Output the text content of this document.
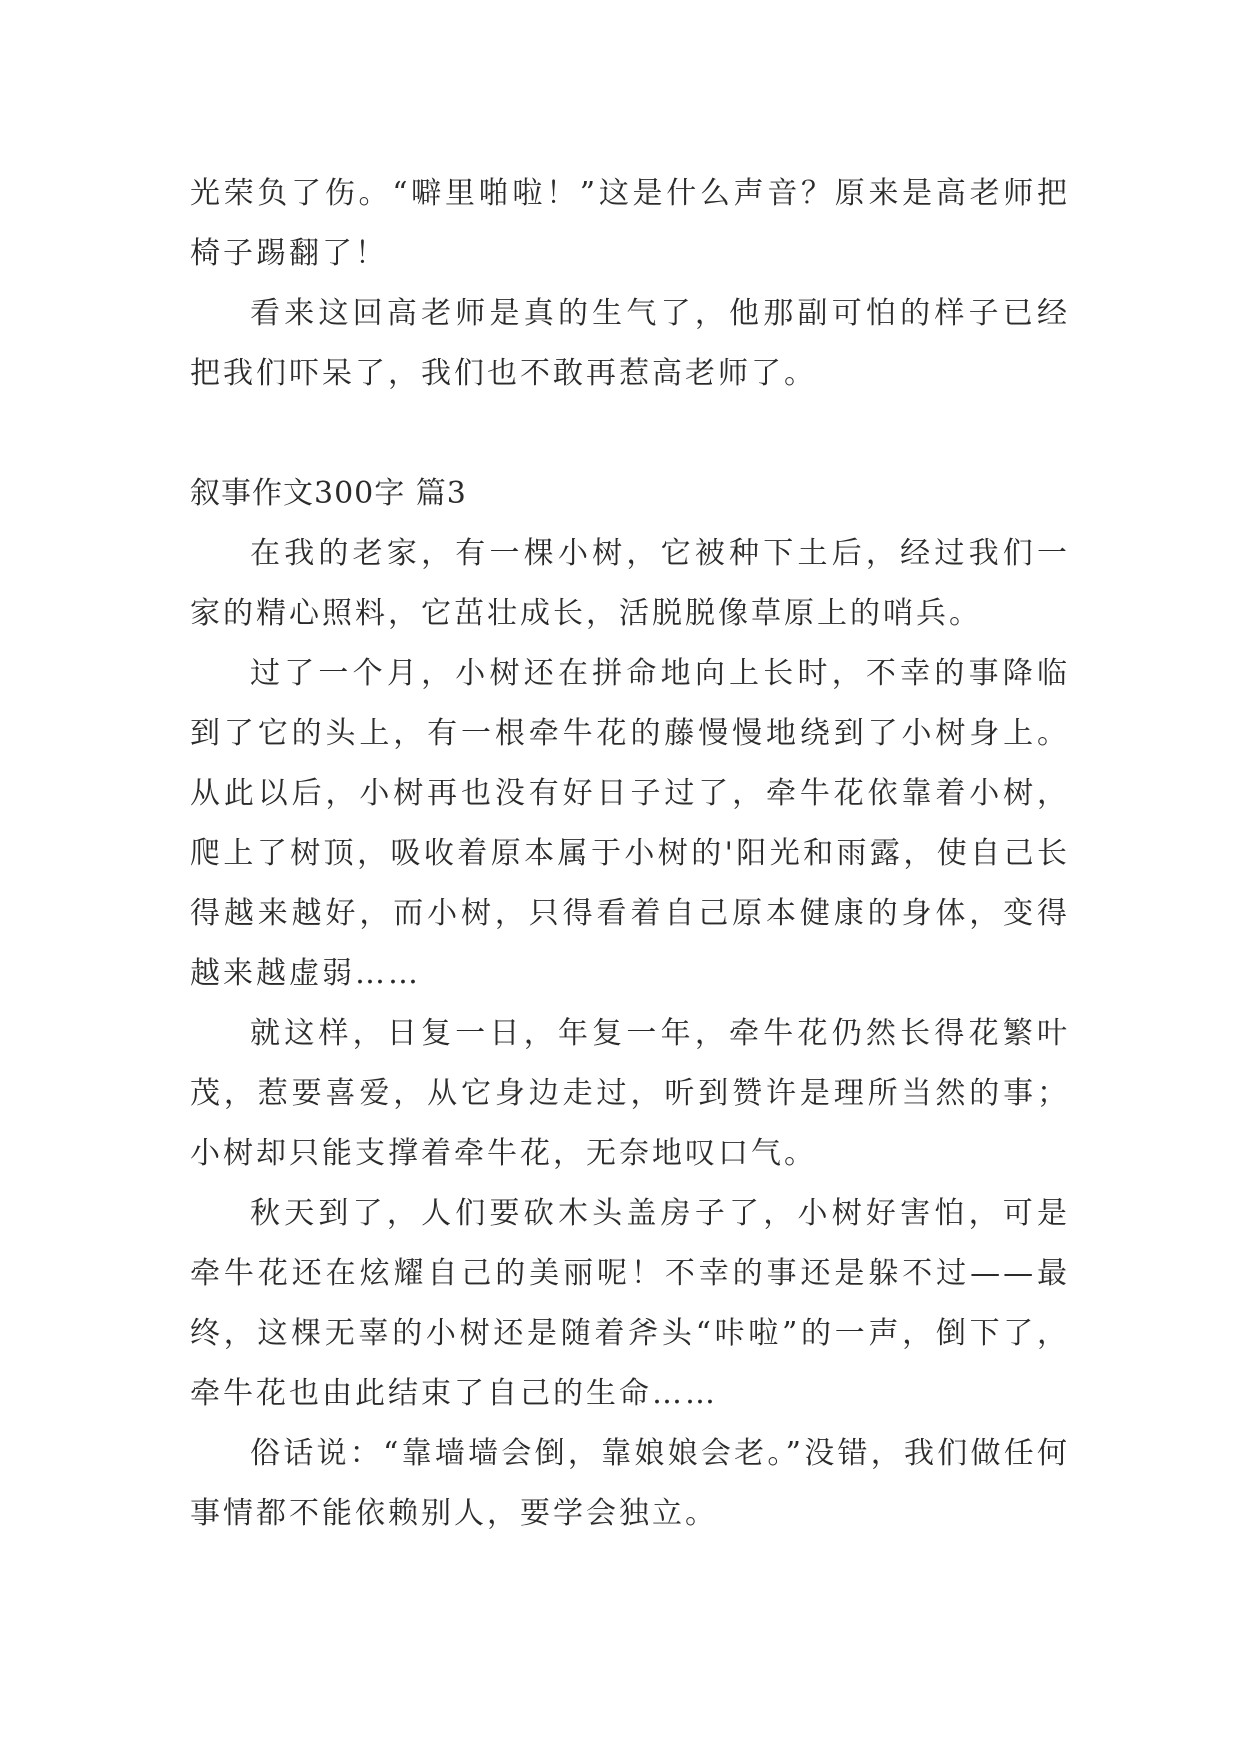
光荣负了伤。“噼里啪啦！”这是什么声音？原来是高老师把椅子踢翻了！

看来这回高老师是真的生气了，他那副可怕的样子已经把我们吓呆了，我们也不敢再惹高老师了。

叙事作文300字 篇3

在我的老家，有一棵小树，它被种下土后，经过我们一家的精心照料，它茁壮成长，活脱脱像草原上的哨兵。

过了一个月，小树还在拼命地向上长时，不幸的事降临到了它的头上，有一根牵牛花的藤慢慢地绕到了小树身上。从此以后，小树再也没有好日子过了，牵牛花依靠着小树，爬上了树顶，吸收着原本属于小树的'阳光和雨露，使自己长得越来越好，而小树，只得看着自己原本健康的身体，变得越来越虚弱……

就这样，日复一日，年复一年，牵牛花仍然长得花繁叶茂，惹要喜爱，从它身边走过，听到赞许是理所当然的事；小树却只能支撑着牵牛花，无奈地叹口气。

秋天到了，人们要砍木头盖房子了，小树好害怕，可是牵牛花还在炫耀自己的美丽呢！不幸的事还是躲不过——最终，这棵无辜的小树还是随着斧头“咔啦”的一声，倒下了，牵牛花也由此结束了自己的生命……

俗话说：“靠墙墙会倒，靠娘娘会老。”没错，我们做任何事情都不能依赖别人，要学会独立。
